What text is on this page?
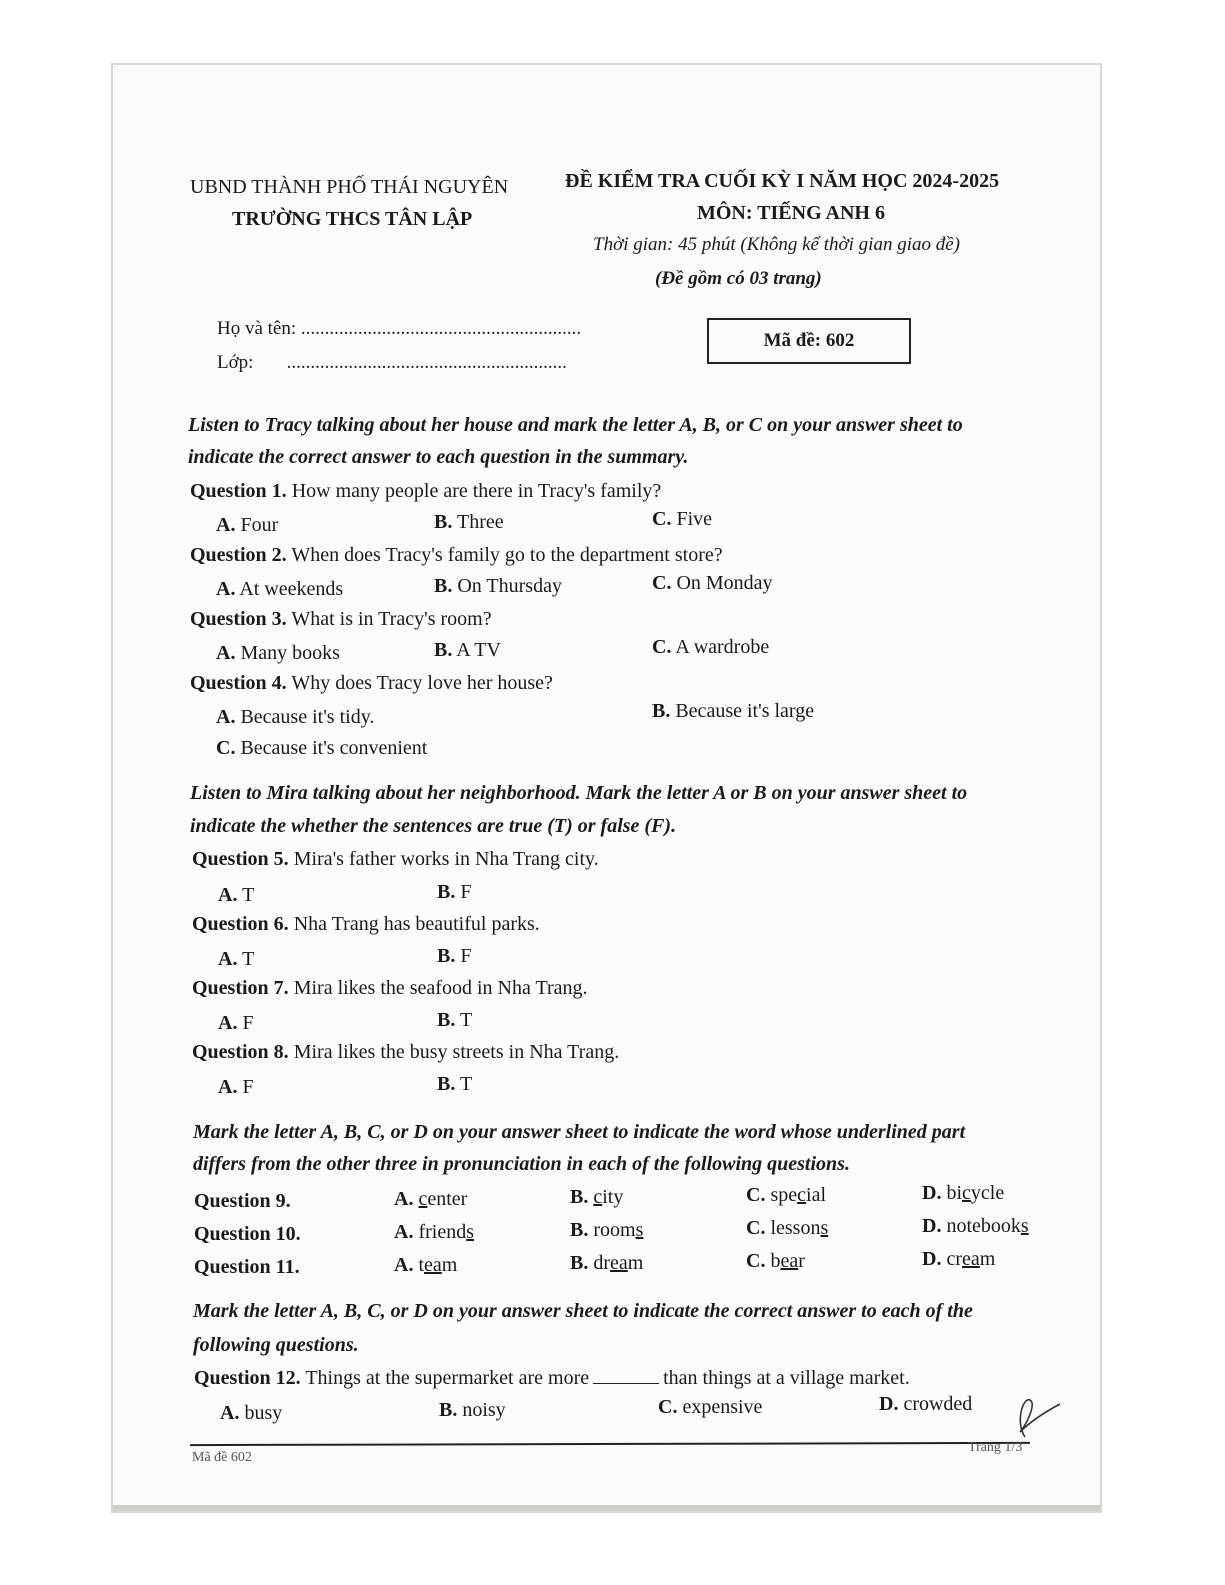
UBND THÀNH PHỐ THÁI NGUYÊN
TRƯỜNG THCS TÂN LẬP
ĐỀ KIỂM TRA CUỐI KỲ I NĂM HỌC 2024-2025
MÔN: TIẾNG ANH 6
Thời gian: 45 phút (Không kể thời gian giao đề)
(Đề gồm có 03 trang)
Họ và tên: ...........................................................
Lớp:       ...........................................................
Mã đề: 602
Listen to Tracy talking about her house and mark the letter A, B, or C on your answer sheet to
indicate the correct answer to each question in the summary.
Question 1. How many people are there in Tracy's family?
A. Four	B. Three	C. Five
Question 2. When does Tracy's family go to the department store?
A. At weekends	B. On Thursday	C. On Monday
Question 3. What is in Tracy's room?
A. Many books	B. A TV	C. A wardrobe
Question 4. Why does Tracy love her house?
A. Because it's tidy.	B. Because it's large
C. Because it's convenient
Listen to Mira talking about her neighborhood. Mark the letter A or B on your answer sheet to
indicate the whether the sentences are true (T) or false (F).
Question 5. Mira's father works in Nha Trang city.
A. T	B. F
Question 6. Nha Trang has beautiful parks.
A. T	B. F
Question 7. Mira likes the seafood in Nha Trang.
A. F	B. T
Question 8. Mira likes the busy streets in Nha Trang.
A. F	B. T
Mark the letter A, B, C, or D on your answer sheet to indicate the word whose underlined part
differs from the other three in pronunciation in each of the following questions.
Question 9.	A. center	B. city	C. special	D. bicycle
Question 10.	A. friends	B. rooms	C. lessons	D. notebooks
Question 11.	A. team	B. dream	C. bear	D. cream
Mark the letter A, B, C, or D on your answer sheet to indicate the correct answer to each of the
following questions.
Question 12. Things at the supermarket are more	than things at a village market.
A. busy	B. noisy	C. expensive	D. crowded
Mã đề 602
Trang 1/3
